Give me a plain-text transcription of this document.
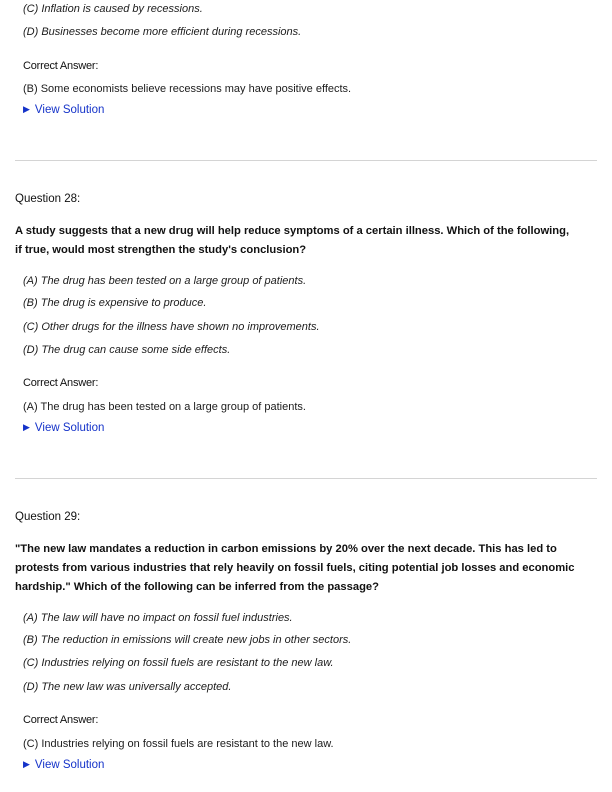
(C) Inflation is caused by recessions.
(D) Businesses become more efficient during recessions.
Correct Answer:
(B) Some economists believe recessions may have positive effects.
▶ View Solution
Question 28:
A study suggests that a new drug will help reduce symptoms of a certain illness. Which of the following, if true, would most strengthen the study's conclusion?
(A) The drug has been tested on a large group of patients.
(B) The drug is expensive to produce.
(C) Other drugs for the illness have shown no improvements.
(D) The drug can cause some side effects.
Correct Answer:
(A) The drug has been tested on a large group of patients.
▶ View Solution
Question 29:
"The new law mandates a reduction in carbon emissions by 20% over the next decade. This has led to protests from various industries that rely heavily on fossil fuels, citing potential job losses and economic hardship." Which of the following can be inferred from the passage?
(A) The law will have no impact on fossil fuel industries.
(B) The reduction in emissions will create new jobs in other sectors.
(C) Industries relying on fossil fuels are resistant to the new law.
(D) The new law was universally accepted.
Correct Answer:
(C) Industries relying on fossil fuels are resistant to the new law.
▶ View Solution
